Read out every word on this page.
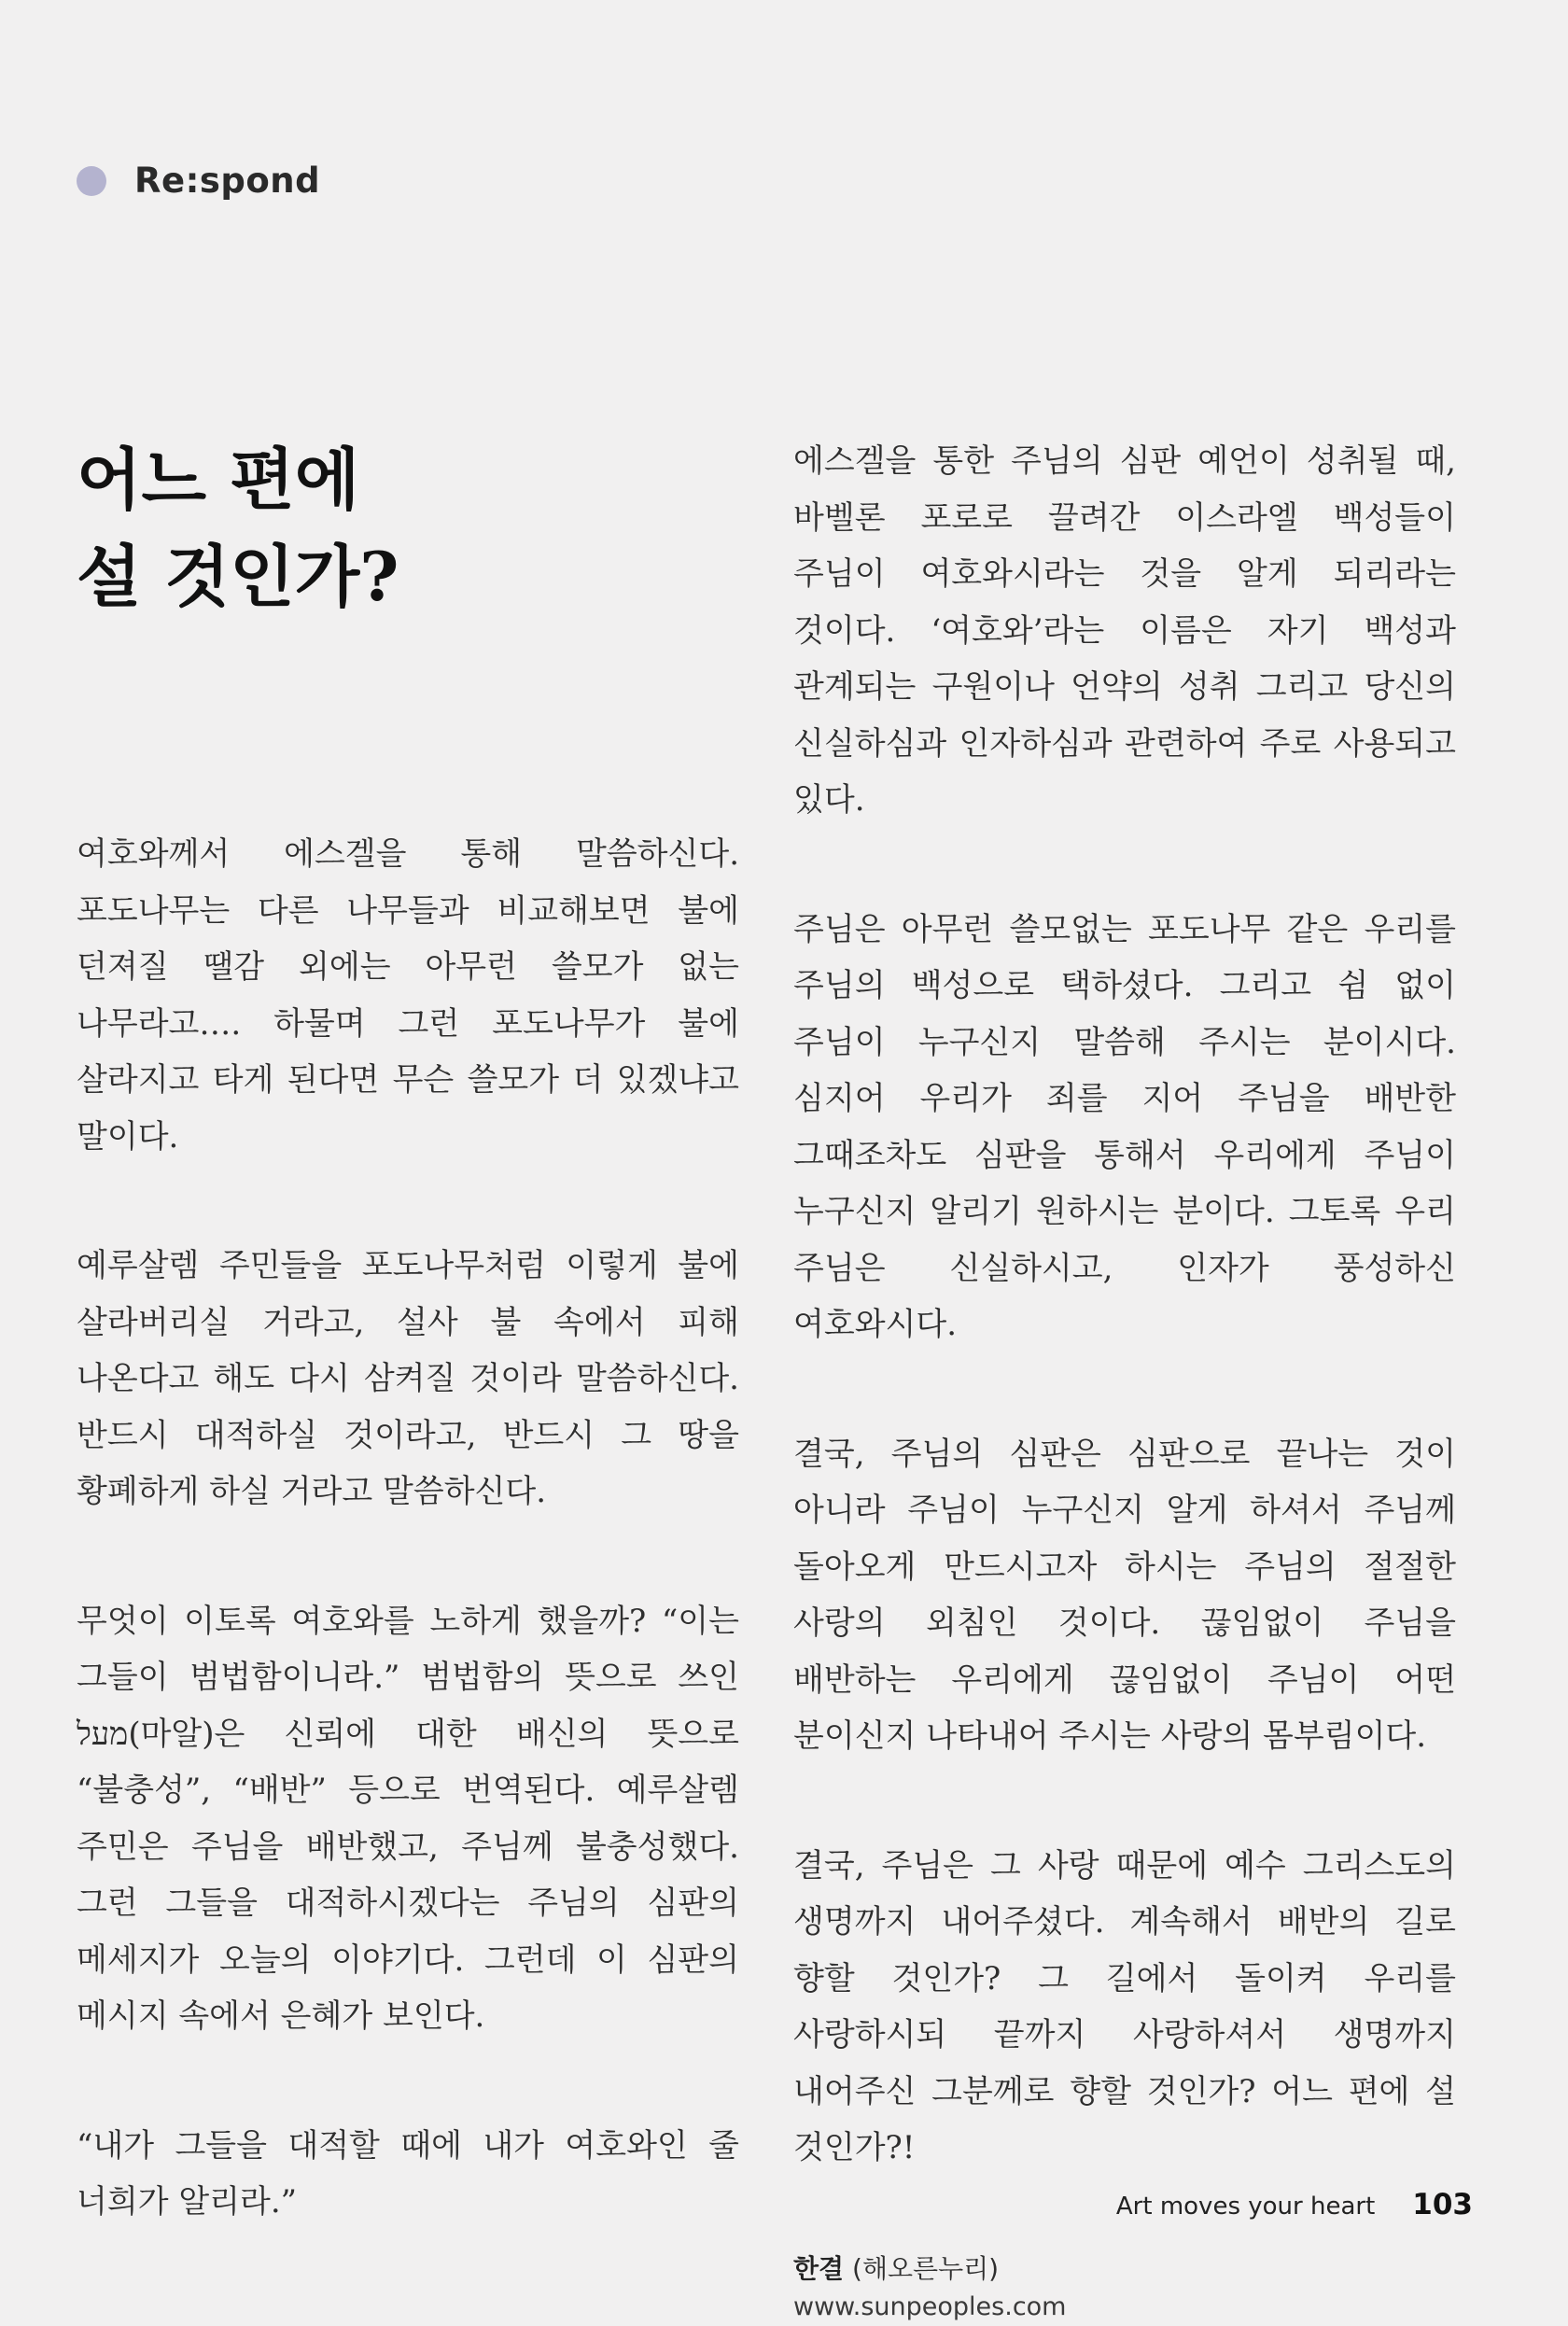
Re:spond
어느 편에
설 것인가?

여호와께서 에스겔을 통해 말씀하신다. 포도나무는 다른 나무들과 비교해보면 불에 던져질 땔감 외에는 아무런 쓸모가 없는 나무라고…. 하물며 그런 포도나무가 불에 살라지고 타게 된다면 무슨 쓸모가 더 있겠냐고 말이다.

예루살렘 주민들을 포도나무처럼 이렇게 불에 살라버리실 거라고, 설사 불 속에서 피해 나온다고 해도 다시 삼켜질 것이라 말씀하신다. 반드시 대적하실 것이라고, 반드시 그 땅을 황폐하게 하실 거라고 말씀하신다.

무엇이 이토록 여호와를 노하게 했을까? “이는 그들이 범법함이니라.” 범법함의 뜻으로 쓰인 מעל(마알)은 신뢰에 대한 배신의 뜻으로 “불충성”, “배반” 등으로 번역된다. 예루살렘 주민은 주님을 배반했고, 주님께 불충성했다. 그런 그들을 대적하시겠다는 주님의 심판의 메세지가 오늘의 이야기다. 그런데 이 심판의 메시지 속에서 은혜가 보인다.

“내가 그들을 대적할 때에 내가 여호와인 줄 너희가 알리라.”

에스겔을 통한 주님의 심판 예언이 성취될 때, 바벨론 포로로 끌려간 이스라엘 백성들이 주님이 여호와시라는 것을 알게 되리라는 것이다. ‘여호와’라는 이름은 자기 백성과 관계되는 구원이나 언약의 성취 그리고 당신의 신실하심과 인자하심과 관련하여 주로 사용되고 있다.

주님은 아무런 쓸모없는 포도나무 같은 우리를 주님의 백성으로 택하셨다. 그리고 쉼 없이 주님이 누구신지 말씀해 주시는 분이시다.심지어 우리가 죄를 지어 주님을 배반한 그때조차도 심판을 통해서 우리에게 주님이 누구신지 알리기 원하시는 분이다. 그토록 우리 주님은 신실하시고, 인자가 풍성하신 여호와시다.

결국, 주님의 심판은 심판으로 끝나는 것이 아니라 주님이 누구신지 알게 하셔서 주님께 돌아오게 만드시고자 하시는 주님의 절절한 사랑의 외침인 것이다. 끊임없이 주님을 배반하는 우리에게 끊임없이 주님이 어떤 분이신지 나타내어 주시는 사랑의 몸부림이다.

결국, 주님은 그 사랑 때문에 예수 그리스도의 생명까지 내어주셨다. 계속해서 배반의 길로 향할 것인가? 그 길에서 돌이켜 우리를 사랑하시되 끝까지 사랑하셔서 생명까지 내어주신 그분께로 향할 것인가? 어느 편에 설 것인가?!

한결 (해오른누리)
www.sunpeoples.com
Art moves your heart 103
